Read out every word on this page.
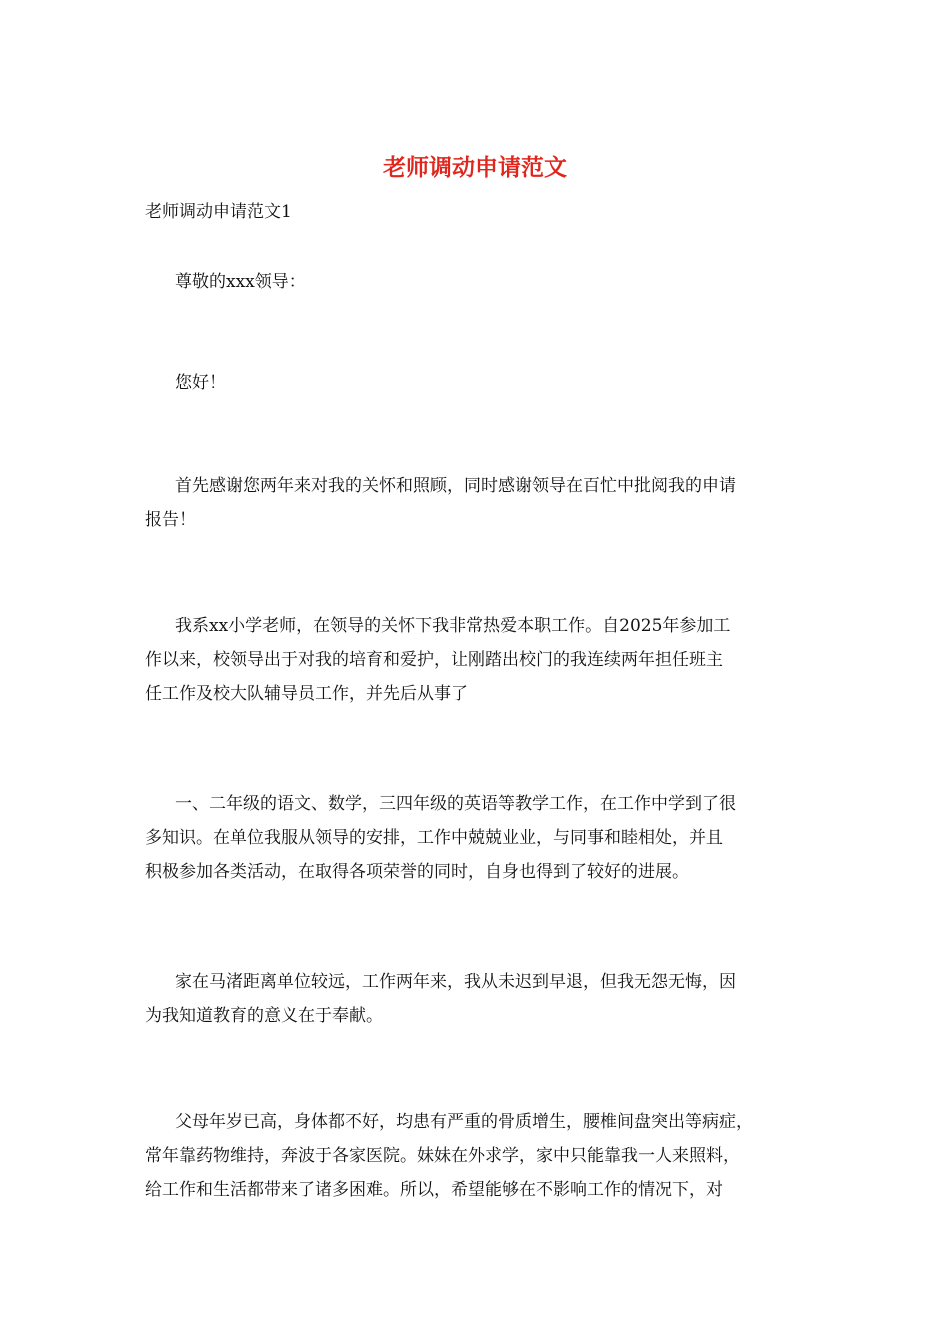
老师调动申请范文

老师调动申请范文1

尊敬的xxx领导：

您好！

首先感谢您两年来对我的关怀和照顾，同时感谢领导在百忙中批阅我的申请
报告！

我系xx小学老师，在领导的关怀下我非常热爱本职工作。自2025年参加工
作以来，校领导出于对我的培育和爱护，让刚踏出校门的我连续两年担任班主
任工作及校大队辅导员工作，并先后从事了

一、二年级的语文、数学，三四年级的英语等教学工作，在工作中学到了很
多知识。在单位我服从领导的安排，工作中兢兢业业，与同事和睦相处，并且
积极参加各类活动，在取得各项荣誉的同时，自身也得到了较好的进展。

家在马渚距离单位较远，工作两年来，我从未迟到早退，但我无怨无悔，因
为我知道教育的意义在于奉献。

父母年岁已高，身体都不好，均患有严重的骨质增生，腰椎间盘突出等病症，
常年靠药物维持，奔波于各家医院。妹妹在外求学，家中只能靠我一人来照料，
给工作和生活都带来了诸多困难。所以，希望能够在不影响工作的情况下，对
